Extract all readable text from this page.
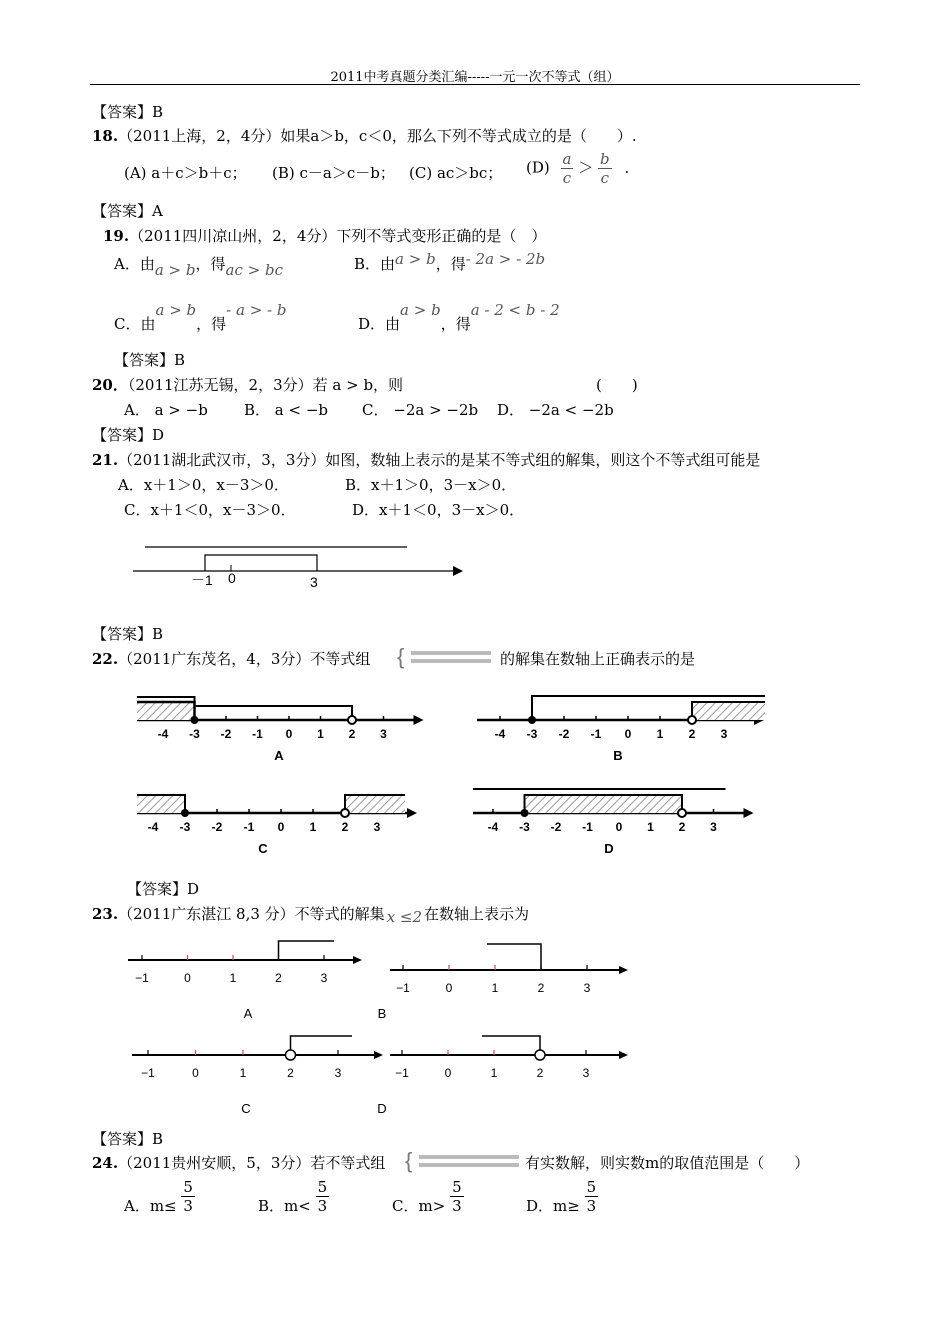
2011中考真题分类汇编-----一元一次不等式（组）
【答案】B
18.（2011上海，2，4分）如果a＞b，c＜0，那么下列不等式成立的是（　　）.
(A) a＋c＞b＋c； (B) c－a＞c－b； (C) ac＞bc； $(D) \frac{a}{c} > \frac{b}{c}$ .
【答案】A
19.（2011四川凉山州，2，4分）下列不等式变形正确的是（　）
A．由a > b，得ac > bc	B．由a > b，得- 2a > - 2b
C．由a > b，得- a > - b
D．由a > b，得a - 2 < b - 2
【答案】B
20．（2011江苏无锡，2，3分）若 a > b，则	(　　)
A． a > −b B． a < −b C． −2a > −2b D． −2a < −2b
【答案】D
21.（2011湖北武汉市，3，3分）如图，数轴上表示的是某不等式组的解集，则这个不等式组可能是
A．x＋1＞0，x－3＞0．	B．x＋1＞0，3－x＞0．
C．x＋1＜0，x－3＞0．	D．x＋1＜0，3－x＞0．
－1 0	3
【答案】B
22.（2011广东茂名，4，3分）不等式组 {	的解集在数轴上正确表示的是
-4 -3 -2 -1 0 1 2 3
A
-4 -3 -2 -1 0 1 2 3
B
-4 -3 -2 -1 0 1 2 3
C
-4 -3 -2 -1 0 1 2 3
D
【答案】D
23.（2011广东湛江 8,3 分）不等式的解集 x ≤2 在数轴上表示为
−1	0	1	2	3
A
−1	0	1	2	3
B
−1	0	1	2	3
C
−1	0	1	2	3
D
【答案】B
24.（2011贵州安顺，5，3分）若不等式组 {	有实数解，则实数m的取值范围是（　　）
A．$m\le \frac{5}{3}$	B．$m< \frac{5}{3}$	C．$m> \frac{5}{3}$	D．$m\ge \frac{5}{3}$
